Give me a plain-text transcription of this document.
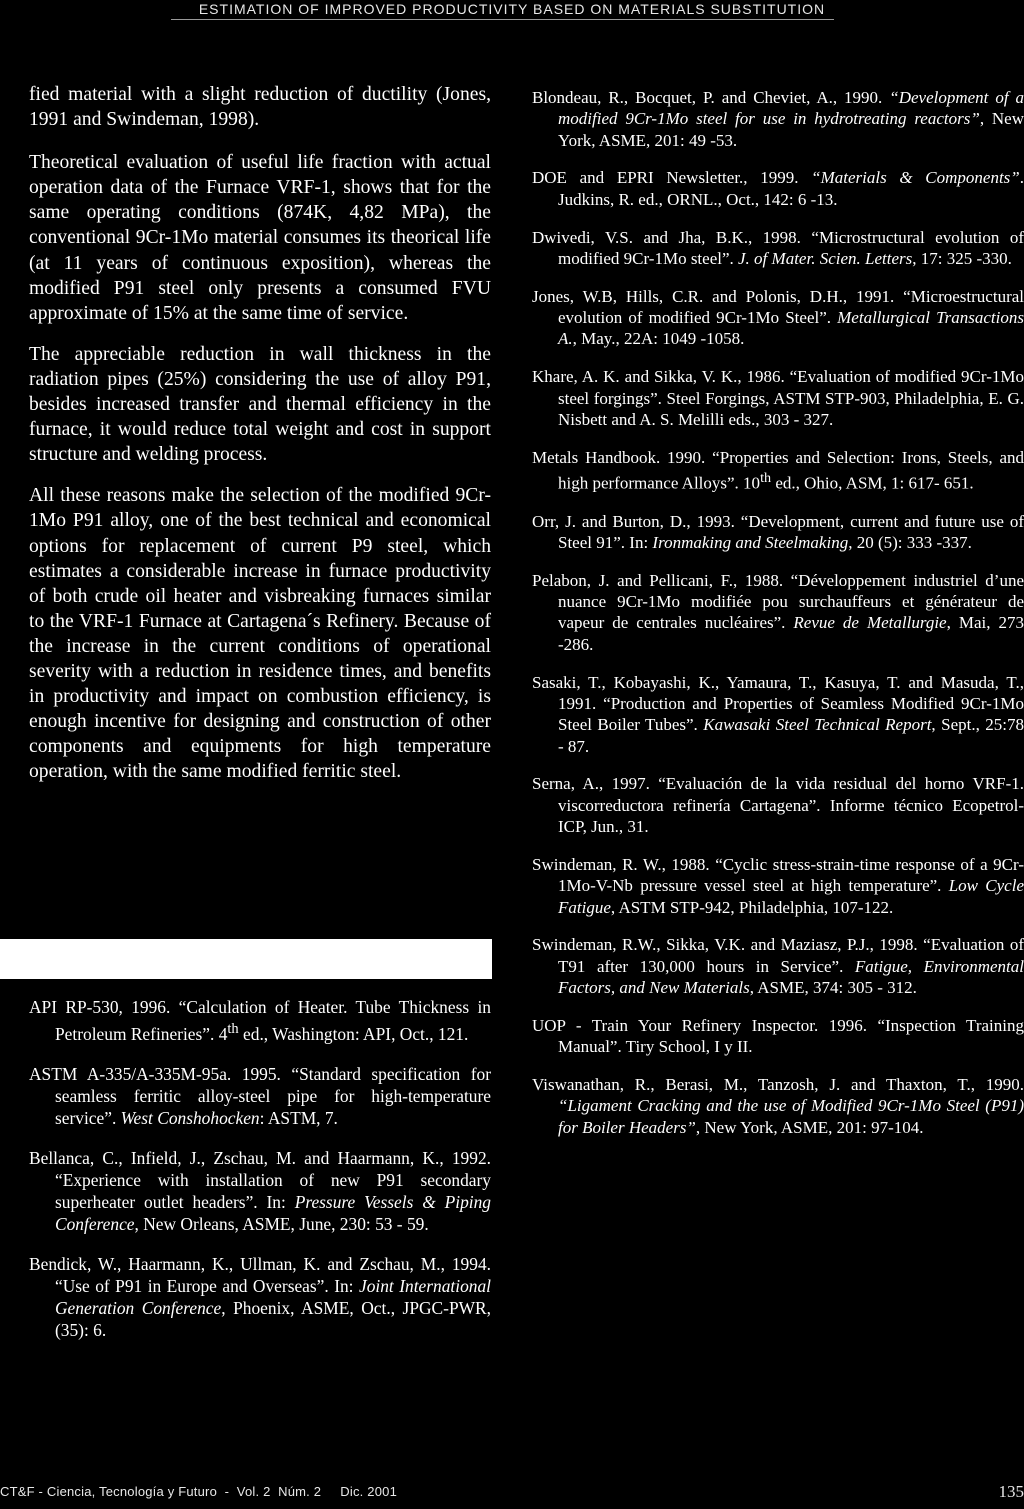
ESTIMATION OF IMPROVED PRODUCTIVITY BASED ON MATERIALS SUBSTITUTION

fied material with a slight reduction of ductility (Jones, 1991 and Swindeman, 1998).

Theoretical evaluation of useful life fraction with actual operation data of the Furnace VRF-1, shows that for the same operating conditions (874K, 4,82 MPa), the conventional 9Cr-1Mo material consumes its theorical life (at 11 years of continuous exposition), whereas the modified P91 steel only presents a consumed FVU approximate of 15% at the same time of service.

The appreciable reduction in wall thickness in the radiation pipes (25%) considering the use of alloy P91, besides increased transfer and thermal efficiency in the furnace, it would reduce total weight and cost in support structure and welding process.

All these reasons make the selection of the modified 9Cr-1Mo P91 alloy, one of the best technical and economical options for replacement of current P9 steel, which estimates a considerable increase in furnace productivity of both crude oil heater and visbreaking furnaces similar to the VRF-1 Furnace at Cartagena´s Refinery. Because of the increase in the current conditions of operational severity with a reduction in residence times, and benefits in productivity and impact on combustion efficiency, is enough incentive for designing and construction of other components and equipments for high temperature operation, with the same modified ferritic steel.

API RP-530, 1996. “Calculation of Heater. Tube Thickness in Petroleum Refineries”. 4th ed., Washington: API, Oct., 121.

ASTM A-335/A-335M-95a. 1995. “Standard specification for seamless ferritic alloy-steel pipe for high-temperature service”. West Conshohocken: ASTM, 7.

Bellanca, C., Infield, J., Zschau, M. and Haarmann, K., 1992. “Experience with installation of new P91 secondary superheater outlet headers”. In: Pressure Vessels & Piping Conference, New Orleans, ASME, June, 230: 53 - 59.

Bendick, W., Haarmann, K., Ullman, K. and Zschau, M., 1994. “Use of P91 in Europe and Overseas”. In: Joint International Generation Conference, Phoenix, ASME, Oct., JPGC-PWR, (35): 6.

Blondeau, R., Bocquet, P. and Cheviet, A., 1990. “Development of a modified 9Cr-1Mo steel for use in hydrotreating reactors”, New York, ASME, 201: 49 -53.

DOE and EPRI Newsletter., 1999. “Materials & Components”. Judkins, R. ed., ORNL., Oct., 142: 6 -13.

Dwivedi, V.S. and Jha, B.K., 1998. “Microstructural evolution of modified 9Cr-1Mo steel”. J. of Mater. Scien. Letters, 17: 325 -330.

Jones, W.B, Hills, C.R. and Polonis, D.H., 1991. “Microestructural evolution of modified 9Cr-1Mo Steel”. Metallurgical Transactions A., May., 22A: 1049 -1058.

Khare, A. K. and Sikka, V. K., 1986. “Evaluation of modified 9Cr-1Mo steel forgings”. Steel Forgings, ASTM STP-903, Philadelphia, E. G. Nisbett and A. S. Melilli eds., 303 - 327.

Metals Handbook. 1990. “Properties and Selection: Irons, Steels, and high performance Alloys”. 10th ed., Ohio, ASM, 1: 617- 651.

Orr, J. and Burton, D., 1993. “Development, current and future use of Steel 91”. In: Ironmaking and Steelmaking, 20 (5): 333 -337.

Pelabon, J. and Pellicani, F., 1988. “Développement industriel d’une nuance 9Cr-1Mo modifiée pou surchauffeurs et générateur de vapeur de centrales nucléaires”. Revue de Metallurgie, Mai, 273 -286.

Sasaki, T., Kobayashi, K., Yamaura, T., Kasuya, T. and Masuda, T., 1991. “Production and Properties of Seamless Modified 9Cr-1Mo Steel Boiler Tubes”. Kawasaki Steel Technical Report, Sept., 25:78 - 87.

Serna, A., 1997. “Evaluación de la vida residual del horno VRF-1. viscorreductora refinería Cartagena”. Informe técnico Ecopetrol-ICP, Jun., 31.

Swindeman, R. W., 1988. “Cyclic stress-strain-time response of a 9Cr-1Mo-V-Nb pressure vessel steel at high temperature”. Low Cycle Fatigue, ASTM STP-942, Philadelphia, 107-122.

Swindeman, R.W., Sikka, V.K. and Maziasz, P.J., 1998. “Evaluation of T91 after 130,000 hours in Service”. Fatigue, Environmental Factors, and New Materials, ASME, 374: 305 - 312.

UOP - Train Your Refinery Inspector. 1996. “Inspection Training Manual”. Tiry School, I y II.

Viswanathan, R., Berasi, M., Tanzosh, J. and Thaxton, T., 1990. “Ligament Cracking and the use of Modified 9Cr-1Mo Steel (P91) for Boiler Headers”, New York, ASME, 201: 97-104.

CT&F - Ciencia, Tecnología y Futuro  -  Vol. 2  Núm. 2     Dic. 2001	135
